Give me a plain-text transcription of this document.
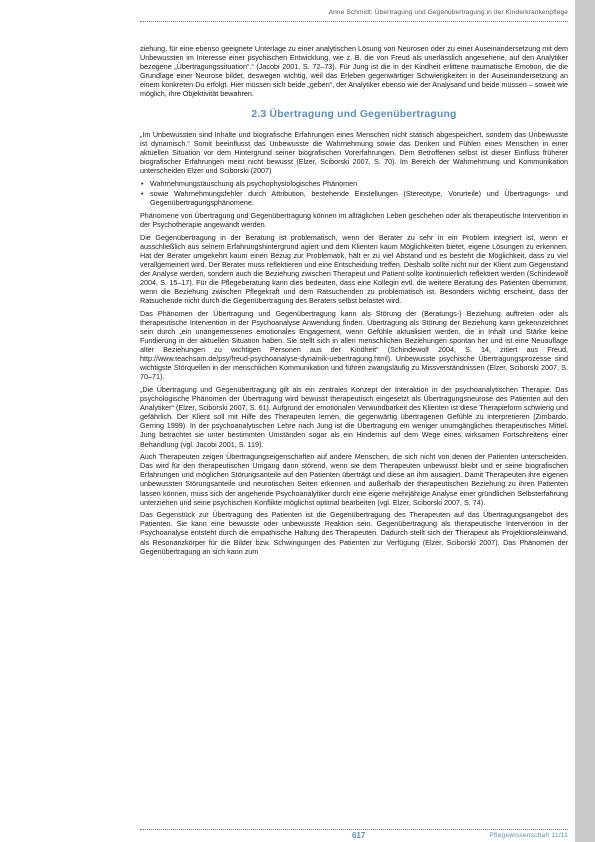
Anne Schmidt: Übertragung und Gegenübertragung in der Kinderkrankenpflege

ziehung, für eine ebenso geeignete Unterlage zu einer analytischen Lösung von Neurosen oder zu einer Auseinandersetzung mit dem Unbewussten im Interesse einer psychischen Entwicklung, wie z. B. die von Freud als unerlässlich angesehene, auf den Analytiker bezogene „Übertragungssituation“.“ (Jacobi 2001, S. 72–73). Für Jung ist die in der Kindheit erlittene traumatische Emotion, die die Grundlage einer Neurose bildet, deswegen wichtig, weil das Erleben gegenwärtiger Schwierigkeiten in der Auseinandersetzung an einem konkreten Du erfolgt. Hier müssen sich beide „geben“, der Analytiker ebenso wie der Analysand und beide müssen – soweit wie möglich, ihre Objektivität bewahren.

2.3 Übertragung und Gegenübertragung

„Im Unbewussten sind Inhalte und biografische Erfahrungen eines Menschen nicht statisch abgespeichert, sondern das Unbewusste ist dynamisch.“ Somit beeinflusst das Unbewusste die Wahrnehmung sowie das Denken und Fühlen eines Menschen in einer aktuellen Situation vor dem Hintergrund seiner biografischen Vorerfahrungen. Dem Betroffenen selbst ist dieser Einfluss früherer biografischer Erfahrungen meist nicht bewusst (Elzer, Sciborski 2007, S. 70). Im Bereich der Wahrnehmung und Kommunikation unterscheiden Elzer und Sciborski (2007)

• Wahrnehmungstäuschung als psychophysiologisches Phänomen
• sowie Wahrnehmungsfehler durch Attribution, bestehende Einstellungen (Stereotype, Vorurteile) und Übertragungs- und Gegenübertragungsphänomene.

Phänomene von Übertragung und Gegenübertragung können im alltäglichen Leben geschehen oder als therapeutische Intervention in der Psychotherapie angewandt werden.

Die Gegenübertragung in der Beratung ist problematisch, wenn der Berater zu sehr in ein Problem integriert ist, wenn er ausschließlich aus seinem Erfahrungshintergrund agiert und dem Klienten kaum Möglichkeiten bietet, eigene Lösungen zu erkennen. Hat der Berater umgekehrt kaum einen Bezug zur Problematik, hält er zu viel Abstand und es besteht die Möglichkeit, dass zu viel verallgemeinert wird. Der Berater muss reflektieren und eine Entscheidung treffen. Deshalb sollte nicht nur der Klient zum Gegenstand der Analyse werden, sondern auch die Beziehung zwischen Therapeut und Patient sollte kontinuierlich reflektiert werden (Schindewolf 2004, S. 15–17). Für die Pflegeberatung kann dies bedeuten, dass eine Kollegin evtl. die weitere Beratung des Patienten übernimmt, wenn die Beziehung zwischen Pflegekraft und dem Ratsuchenden zu problematisch ist. Besonders wichtig erscheint, dass der Ratsuchende nicht durch die Gegenübertragung des Beraters selbst belastet wird.

Das Phänomen der Übertragung und Gegenübertragung kann als Störung der (Beratungs-) Beziehung auftreten oder als therapeutische Intervention in der Psychoanalyse Anwendung finden. Übertragung als Störung der Beziehung kann gekennzeichnet sein durch „ein unangemessenes emotionales Engagement, wenn Gefühle aktualisiert werden, die in Inhalt und Stärke keine Fundierung in der aktuellen Situation haben. Sie stellt sich in allen menschlichen Beziehungen spontan her und ist eine Neuauflage alter Beziehungen zu wichtigen Personen aus der Kindheit“ (Schindewolf 2004, S. 14, zitiert aus Freud, http://www.teachsam.de/psy/freud-psychoanalyse-dynamik-uebertragung.html). Unbewusste psychische Übertragungsprozesse sind wichtigste Störquellen in der menschlichen Kommunikation und führen zwangsläufig zu Missverständnissen (Elzer, Sciborski 2007, S. 70–71).

„Die Übertragung und Gegenübertragung gilt als ein zentrales Konzept der Interaktion in der psychoanalytischen Therapie. Das psychologische Phänomen der Übertragung wird bewusst therapeutisch eingesetzt als Übertragungsneurose des Patienten auf den Analytiker“ (Elzer, Sciborski 2007, S. 61). Aufgrund der emotionalen Verwundbarkeit des Klienten ist diese Therapieform schwierig und gefährlich. Der Klient soll mit Hilfe des Therapeuten lernen, die gegenwärtig übertragenen Gefühle zu interpretieren (Zimbardo, Gerring 1999). In der psychoanalytischen Lehre nach Jung ist die Übertragung ein weniger unumgängliches therapeutisches Mittel. Jung betrachtet sie unter bestimmten Umständen sogar als ein Hindernis auf dem Wege eines wirksamen Fortschreitens einer Behandlung (vgl. Jacobi 2001, S. 119).

Auch Therapeuten zeigen Übertragungseigenschaften auf andere Menschen, die sich nicht von denen der Patienten unterscheiden. Das wird für den therapeutischen Umgang dann störend, wenn sie dem Therapeuten unbewusst bleibt und er seine biografischen Erfahrungen und möglichen Störungsanteile auf den Patienten überträgt und diese an ihm ausagiert. Damit Therapeuten ihre eigenen unbewussten Störungsanteile und neurotischen Seiten erkennen und außerhalb der therapeutischen Beziehung zu ihren Patienten lassen können, muss sich der angehende Psychoanalytiker durch eine eigene mehrjährige Analyse einer gründlichen Selbsterfahrung unterziehen und seine psychischen Konflikte möglichst optimal bearbeiten (vgl. Elzer, Sciborski 2007, S. 74).

Das Gegenstück zur Übertragung des Patienten ist die Gegenübertragung des Therapeuten auf das Übertragungsangebot des Patienten. Sie kann eine bewusste oder unbewusste Reaktion sein. Gegenübertragung als therapeutische Intervention in der Psychoanalyse entsteht durch die empathische Haltung des Therapeuten. Dadurch stellt sich der Therapeut als Projektionsleinwand, als Resonanzkörper für die Bilder bzw. Schwingungen des Patienten zur Verfügung (Elzer, Sciborski 2007). Das Phänomen der Gegenübertragung an sich kann zum

617	Pflegewissenschaft 11/11
